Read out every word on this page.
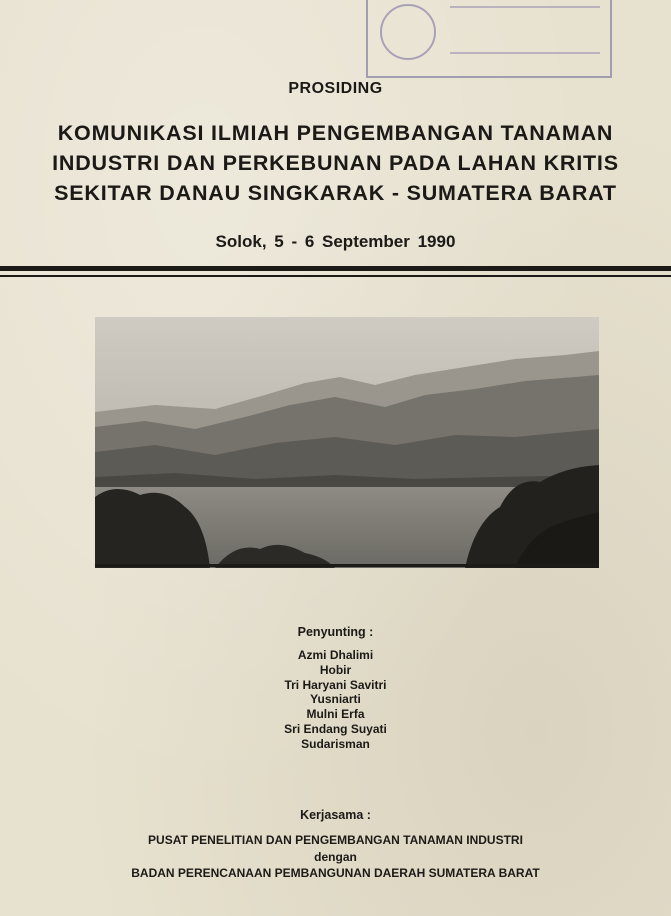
PROSIDING
KOMUNIKASI ILMIAH PENGEMBANGAN TANAMAN
INDUSTRI DAN PERKEBUNAN PADA LAHAN KRITIS
SEKITAR DANAU SINGKARAK - SUMATERA BARAT
Solok, 5 - 6 September 1990
Penyunting :
Azmi Dhalimi
Hobir
Tri Haryani Savitri
Yusniarti
Mulni Erfa
Sri Endang Suyati
Sudarisman
Kerjasama :
PUSAT PENELITIAN DAN PENGEMBANGAN TANAMAN INDUSTRI
dengan
BADAN PERENCANAAN PEMBANGUNAN DAERAH SUMATERA BARAT
